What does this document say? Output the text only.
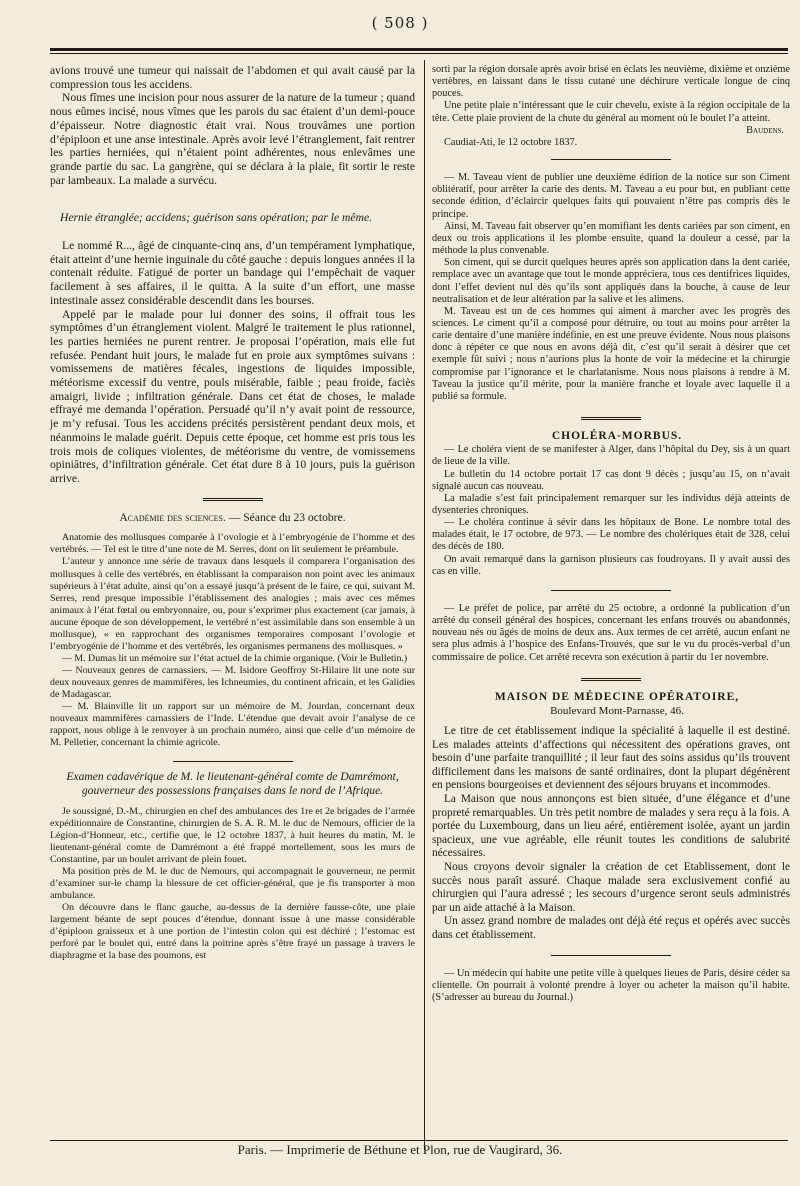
( 508 )

avions trouvé une tumeur qui naissait de l’abdomen et qui avait causé par la compression tous les accidens.

Nous fîmes une incision pour nous assurer de la nature de la tumeur ; quand nous eûmes incisé, nous vîmes que les parois du sac étaient d’un demi-pouce d’épaisseur. Notre diagnostic était vrai. Nous trouvâmes une portion d’épiploon et une anse intestinale. Après avoir levé l’étranglement, fait rentrer les parties herniées, qui n’étaient point adhérentes, nous enlevâmes une grande partie du sac. La gangrène, qui se déclara à la plaie, fit sortir le reste par lambeaux. La malade a survécu.

Hernie étranglée; accidens; guérison sans opération; par le même.

Le nommé R..., âgé de cinquante-cinq ans, d’un tempérament lymphatique, était atteint d’une hernie inguinale du côté gauche : depuis longues années il la contenait réduite. Fatigué de porter un bandage qui l’empêchait de vaquer facilement à ses affaires, il le quitta. A la suite d’un effort, une masse intestinale assez considérable descendit dans les bourses.

Appelé par le malade pour lui donner des soins, il offrait tous les symptômes d’un étranglement violent. Malgré le traitement le plus rationnel, les parties herniées ne purent rentrer. Je proposai l’opération, mais elle fut refusée. Pendant huit jours, le malade fut en proie aux symptômes suivans : vomissemens de matières fécales, ingestions de liquides impossible, météorisme excessif du ventre, pouls misérable, faible ; peau froide, faciès amaigri, livide ; infiltration générale. Dans cet état de choses, le malade effrayé me demanda l’opération. Persuadé qu’il n’y avait point de ressource, je m’y refusai. Tous les accidens précités persistèrent pendant deux mois, et néanmoins le malade guérit. Depuis cette époque, cet homme est pris tous les trois mois de coliques violentes, de météorisme du ventre, de vomissemens opiniâtres, d’infiltration générale. Cet état dure 8 à 10 jours, puis la guérison arrive.

Académie des sciences. — Séance du 23 octobre.

Anatomie des mollusques comparée à l’ovologie et à l’embryogénie de l’homme et des vertébrés. — Tel est le titre d’une note de M. Serres, dont on lit seulement le préambule.

L’auteur y annonce une série de travaux dans lesquels il comparera l’organisation des mollusques à celle des vertébrés, en établissant la comparaison non point avec les animaux supérieurs à l’état adulte, ainsi qu’on a essayé jusqu’à présent de le faire, ce qui, suivant M. Serres, rend presque impossible l’établissement des analogies ; mais avec ces mêmes animaux à l’état fœtal ou embryonnaire, ou, pour s’exprimer plus exactement (car jamais, à aucune époque de son développement, le vertébré n’est assimilable dans son ensemble à un mollusque), « en rapprochant des organismes temporaires composant l’ovologie et l’embryogénie de l’homme et des vertébrés, les organismes permanens des mollusques. »

— M. Dumas lit un mémoire sur l’état actuel de la chimie organique. (Voir le Bulletin.)

— Nouveaux genres de carnassiers. — M. Isidore Geoffroy St-Hilaire lit une note sur deux nouveaux genres de mammifères, les Ichneumies, du continent africain, et les Galidies de Madagascar.

— M. Blainville lit un rapport sur un mémoire de M. Jourdan, concernant deux nouveaux mammifères carnassiers de l’Inde. L’étendue que devait avoir l’analyse de ce rapport, nous oblige à le renvoyer à un prochain numéro, ainsi que celle d’un mémoire de M. Pelletier, concernant la chimie agricole.

Examen cadavérique de M. le lieutenant-général comte de Damrémont, gouverneur des possessions françaises dans le nord de l’Afrique.

Je soussigné, D.-M., chirurgien en chef des ambulances des 1re et 2e brigades de l’armée expéditionnaire de Constantine, chirurgien de S. A. R. M. le duc de Nemours, officier de la Légion-d’Honneur, etc., certifie que, le 12 octobre 1837, à huit heures du matin, M. le lieutenant-général comte de Damrémont a été frappé mortellement, sous les murs de Constantine, par un boulet arrivant de plein fouet.

Ma position près de M. le duc de Nemours, qui accompagnait le gouverneur, ne permit d’examiner sur-le champ la blessure de cet officier-général, que je fis transporter à mon ambulance.

On découvre dans le flanc gauche, au-dessus de la dernière fausse-côte, une plaie largement béante de sept pouces d’étendue, donnant issue à une masse considérable d’épiploon graisseux et à une portion de l’intestin colon qui est déchiré ; l’estomac est perforé par le boulet qui, entré dans la poitrine après s’être frayé un passage à travers le diaphragme et la base des poumons, est

sorti par la région dorsale après avoir brisé en éclats les neuvième, dixième et onzième vertèbres, en laissant dans le tissu cutané une déchirure verticale longue de cinq pouces.

Une petite plaie n’intéressant que le cuir chevelu, existe à la région occipitale de la tête. Cette plaie provient de la chute du général au moment où le boulet l’a atteint.

Baudens.

Caudiat-Ati, le 12 octobre 1837.

— M. Taveau vient de publier une deuxième édition de la notice sur son Ciment oblitératif, pour arrêter la carie des dents. M. Taveau a eu pour but, en publiant cette seconde édition, d’éclaircir quelques faits qui pouvaient n’être pas compris dès le principe.

Ainsi, M. Taveau fait observer qu’en momifiant les dents cariées par son ciment, en deux ou trois applications il les plombe ensuite, quand la douleur a cessé, par la méthode la plus convenable.

Son ciment, qui se durcit quelques heures après son application dans la dent cariée, remplace avec un avantage que tout le monde appréciera, tous ces dentifrices liquides, dont l’effet devient nul dès qu’ils sont appliqués dans la bouche, à cause de leur neutralisation et de leur altération par la salive et les alimens.

M. Taveau est un de ces hommes qui aiment à marcher avec les progrès des sciences. Le ciment qu’il a composé pour détruire, ou tout au moins pour arrêter la carie dentaire d’une manière indéfinie, en est une preuve évidente. Nous nous plaisons donc à répéter ce que nous en avons déjà dit, c’est qu’il serait à désirer que cet exemple fût suivi ; nous n’aurions plus la honte de voir la médecine et la chirurgie compromise par l’ignorance et le charlatanisme. Nous nous plaisons à rendre à M. Taveau la justice qu’il mérite, pour la manière franche et loyale avec laquelle il a publié sa formule.

CHOLÉRA-MORBUS.

— Le choléra vient de se manifester à Alger, dans l’hôpital du Dey, sis à un quart de lieue de la ville.

Le bulletin du 14 octobre portait 17 cas dont 9 décès ; jusqu’au 15, on n’avait signalé aucun cas nouveau.

La maladie s’est fait principalement remarquer sur les individus déjà atteints de dysenteries chroniques.

— Le choléra continue à sévir dans les hôpitaux de Bone. Le nombre total des malades était, le 17 octobre, de 973. — Le nombre des cholériques était de 328, celui des décès de 180.

On avait remarqué dans la garnison plusieurs cas foudroyans. Il y avait aussi des cas en ville.

— Le préfet de police, par arrêté du 25 octobre, a ordonné la publication d’un arrêté du conseil général des hospices, concernant les enfans trouvés ou abandonnés, nouveau nés ou âgés de moins de deux ans. Aux termes de cet arrêté, aucun enfant ne sera plus admis à l’hospice des Enfans-Trouvés, que sur le vu du procès-verbal d’un commissaire de police. Cet arrêté recevra son exécution à partir du 1er novembre.

MAISON DE MÉDECINE OPÉRATOIRE,

Boulevard Mont-Parnasse, 46.

Le titre de cet établissement indique la spécialité à laquelle il est destiné. Les malades atteints d’affections qui nécessitent des opérations graves, ont besoin d’une parfaite tranquillité ; il leur faut des soins assidus qu’ils trouvent difficilement dans les maisons de santé ordinaires, dont la plupart dégénèrent en pensions bourgeoises et deviennent des séjours bruyans et incommodes.

La Maison que nous annonçons est bien située, d’une élégance et d’une propreté remarquables. Un très petit nombre de malades y sera reçu à la fois. A portée du Luxembourg, dans un lieu aéré, entièrement isolée, ayant un jardin spacieux, une vue agréable, elle réunit toutes les conditions de salubrité nécessaires.

Nous croyons devoir signaler la création de cet Etablissement, dont le succès nous paraît assuré. Chaque malade sera exclusivement confié au chirurgien qui l’aura adressé ; les secours d’urgence seront seuls administrés par un aide attaché à la Maison.

Un assez grand nombre de malades ont déjà été reçus et opérés avec succès dans cet établissement.

— Un médecin qui habite une petite ville à quelques lieues de Paris, désire céder sa clientelle. On pourrait à volonté prendre à loyer ou acheter la maison qu’il habite. (S’adresser au bureau du Journal.)

Paris. — Imprimerie de Béthune et Plon, rue de Vaugirard, 36.
